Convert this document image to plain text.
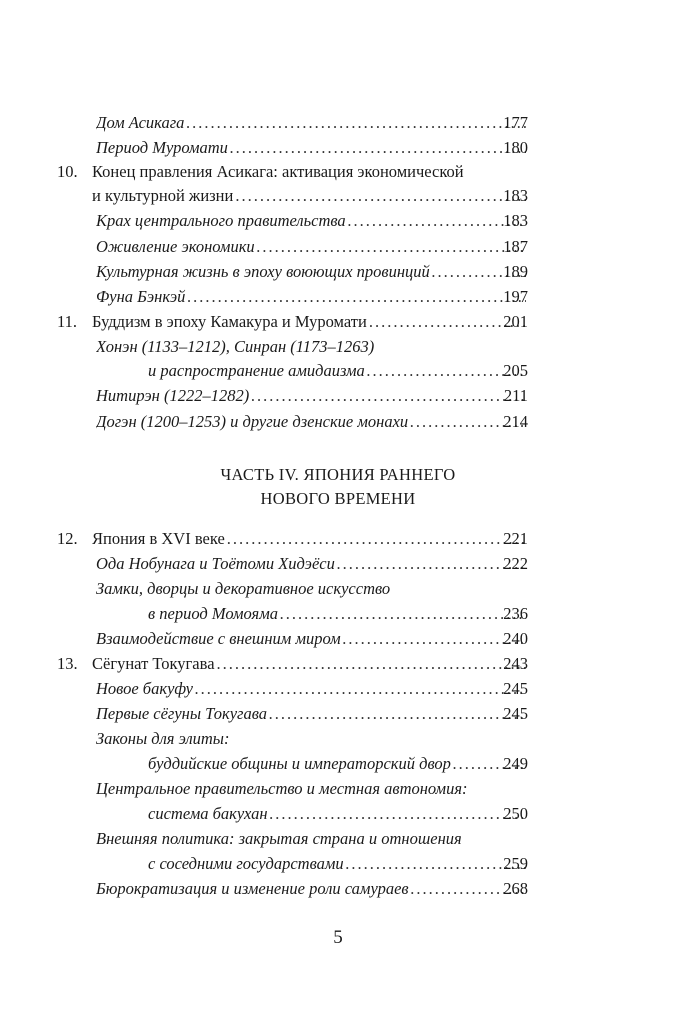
Дом Асикага .....	177
Период Муромати .....	180
10. Конец правления Асикага: активация экономической
и культурной жизни .....	183
Крах центрального правительства .....	183
Оживление экономики .....	187
Культурная жизнь в эпоху воюющих провинций .....	189
Фуна Бэнкэй .....	197
11. Буддизм в эпоху Камакура и Муромати .....	201
Хонэн (1133–1212), Синран (1173–1263)
и распространение амидаизма .....	205
Нитирэн (1222–1282) .....	211
Догэн (1200–1253) и другие дзенские монахи .....	214
ЧАСТЬ IV. ЯПОНИЯ РАННЕГО
НОВОГО ВРЕМЕНИ
12. Япония в XVI веке .....	221
Ода Нобунага и Тоётоми Хидэёси .....	222
Замки, дворцы и декоративное искусство
в период Момояма .....	236
Взаимодействие с внешним миром .....	240
13. Сёгунат Токугава .....	243
Новое бакуфу .....	245
Первые сёгуны Токугава .....	245
Законы для элиты:
буддийские общины и императорский двор .....	249
Центральное правительство и местная автономия:
система бакухан .....	250
Внешняя политика: закрытая страна и отношения
с соседними государствами .....	259
Бюрократизация и изменение роли самураев .....	268
5
